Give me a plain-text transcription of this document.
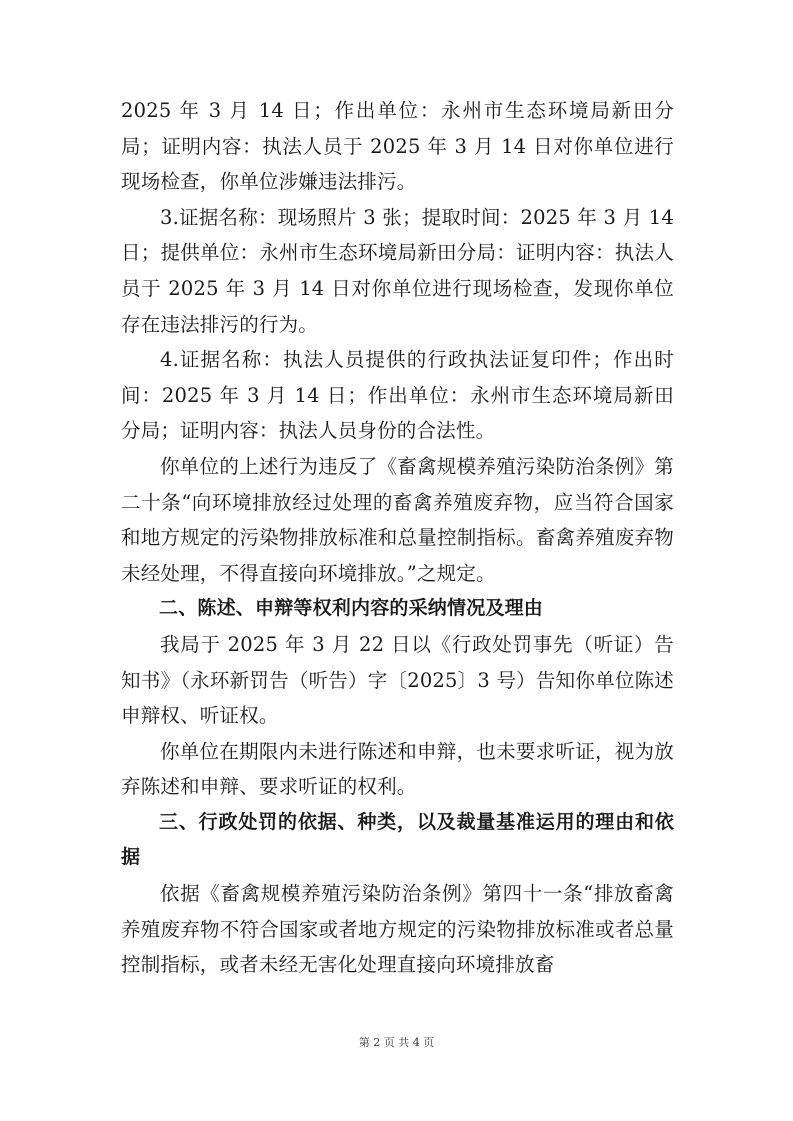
2025 年 3 月 14 日；作出单位：永州市生态环境局新田分局；证明内容：执法人员于 2025 年 3 月 14 日对你单位进行现场检查，你单位涉嫌违法排污。

3.证据名称：现场照片 3 张；提取时间：2025 年 3 月 14 日；提供单位：永州市生态环境局新田分局：证明内容：执法人员于 2025 年 3 月 14 日对你单位进行现场检查，发现你单位存在违法排污的行为。

4.证据名称：执法人员提供的行政执法证复印件；作出时间：2025 年 3 月 14 日；作出单位：永州市生态环境局新田分局；证明内容：执法人员身份的合法性。

你单位的上述行为违反了《畜禽规模养殖污染防治条例》第二十条“向环境排放经过处理的畜禽养殖废弃物，应当符合国家和地方规定的污染物排放标准和总量控制指标。畜禽养殖废弃物未经处理，不得直接向环境排放。”之规定。

二、陈述、申辩等权利内容的采纳情况及理由

我局于 2025 年 3 月 22 日以《行政处罚事先（听证）告知书》（永环新罚告（听告）字〔2025〕3 号）告知你单位陈述申辩权、听证权。

你单位在期限内未进行陈述和申辩，也未要求听证，视为放弃陈述和申辩、要求听证的权利。

三、行政处罚的依据、种类，以及裁量基准运用的理由和依据

依据《畜禽规模养殖污染防治条例》第四十一条“排放畜禽养殖废弃物不符合国家或者地方规定的污染物排放标准或者总量控制指标，或者未经无害化处理直接向环境排放畜

第 2 页 共 4 页
